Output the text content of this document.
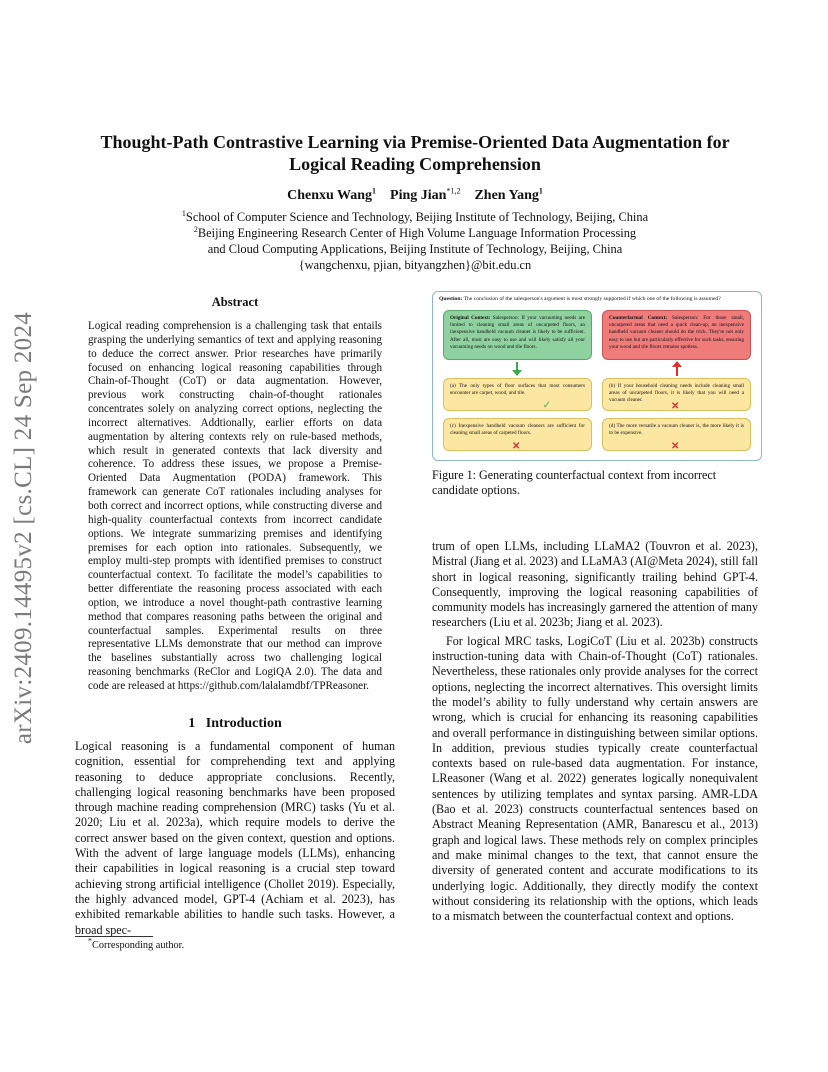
arXiv:2409.14495v2 [cs.CL] 24 Sep 2024
Thought-Path Contrastive Learning via Premise-Oriented Data Augmentation for
Logical Reading Comprehension
Chenxu Wang$^1$ Ping Jian$^{*1,2}$ Zhen Yang$^1$
$^1$School of Computer Science and Technology, Beijing Institute of Technology, Beijing, China
$^2$Beijing Engineering Research Center of High Volume Language Information Processing
and Cloud Computing Applications, Beijing Institute of Technology, Beijing, China
{wangchenxu, pjian, bityangzhen}@bit.edu.cn
Abstract
Logical reading comprehension is a challenging task that entails grasping the underlying semantics of text and applying reasoning to deduce the correct answer. Prior researches have primarily focused on enhancing logical reasoning capabilities through Chain-of-Thought (CoT) or data augmentation. However, previous work constructing chain-of-thought rationales concentrates solely on analyzing correct options, neglecting the incorrect alternatives. Addtionally, earlier efforts on data augmentation by altering contexts rely on rule-based methods, which result in generated contexts that lack diversity and coherence. To address these issues, we propose a Premise-Oriented Data Augmentation (PODA) framework. This framework can generate CoT rationales including analyses for both correct and incorrect options, while constructing diverse and high-quality counterfactual contexts from incorrect candidate options. We integrate summarizing premises and identifying premises for each option into rationales. Subsequently, we employ multi-step prompts with identified premises to construct counterfactual context. To facilitate the model’s capabilities to better differentiate the reasoning process associated with each option, we introduce a novel thought-path contrastive learning method that compares reasoning paths between the original and counterfactual samples. Experimental results on three representative LLMs demonstrate that our method can improve the baselines substantially across two challenging logical reasoning benchmarks (ReClor and LogiQA 2.0). The data and code are released at https://github.com/lalalamdbf/TPReasoner.
1 Introduction

Logical reasoning is a fundamental component of human cognition, essential for comprehending text and applying reasoning to deduce appropriate conclusions. Recently, challenging logical reasoning benchmarks have been proposed through machine reading comprehension (MRC) tasks (Yu et al. 2020; Liu et al. 2023a), which require models to derive the correct answer based on the given context, question and options. With the advent of large language models (LLMs), enhancing their capabilities in logical reasoning is a crucial step toward achieving strong artificial intelligence (Chollet 2019). Especially, the highly advanced model, GPT-4 (Achiam et al. 2023), has exhibited remarkable abilities to handle such tasks. However, a broad spec-

*Corresponding author.
Question: The conclusion of the salesperson's argument is most strongly supported if which one of the following is assumed?
Original Context: Salesperson: If your vacuuming needs are limited to cleaning small areas of uncarpeted floors, an inexpensive handheld vacuum cleaner is likely to be sufficient. After all, most are easy to use and will likely satisfy all your vacuuming needs on wood and tile floors.
Counterfactual Context: Salesperson: For those small, uncarpeted areas that need a quick clean-up, an inexpensive handheld vacuum cleaner should do the trick. They're not only easy to use but are particularly effective for such tasks, ensuring your wood and tile floors remains spotless.
(a) The only types of floor surfaces that most consumers encounter are carpet, wood, and tile.
✓
(b) If your household cleaning needs include cleaning small areas of uncarpeted floors, it is likely that you will need a vacuum cleaner.
✕
(c) Inexpensive handheld vacuum cleaners are sufficient for cleaning small areas of carpeted floors.
✕
(d) The more versatile a vacuum cleaner is, the more likely it is to be expensive.
✕
Figure 1: Generating counterfactual context from incorrect candidate options.

trum of open LLMs, including LLaMA2 (Touvron et al. 2023), Mistral (Jiang et al. 2023) and LLaMA3 (AI@Meta 2024), still fall short in logical reasoning, significantly trailing behind GPT-4. Consequently, improving the logical reasoning capabilities of community models has increasingly garnered the attention of many researchers (Liu et al. 2023b; Jiang et al. 2023).

For logical MRC tasks, LogiCoT (Liu et al. 2023b) constructs instruction-tuning data with Chain-of-Thought (CoT) rationales. Nevertheless, these rationales only provide analyses for the correct options, neglecting the incorrect alternatives. This oversight limits the model’s ability to fully understand why certain answers are wrong, which is crucial for enhancing its reasoning capabilities and overall performance in distinguishing between similar options. In addition, previous studies typically create counterfactual contexts based on rule-based data augmentation. For instance, LReasoner (Wang et al. 2022) generates logically nonequivalent sentences by utilizing templates and syntax parsing. AMR-LDA (Bao et al. 2023) constructs counterfactual sentences based on Abstract Meaning Representation (AMR, Banarescu et al., 2013) graph and logical laws. These methods rely on complex principles and make minimal changes to the text, that cannot ensure the diversity of generated content and accurate modifications to its underlying logic. Additionally, they directly modify the context without considering its relationship with the options, which leads to a mismatch between the counterfactual context and options.
